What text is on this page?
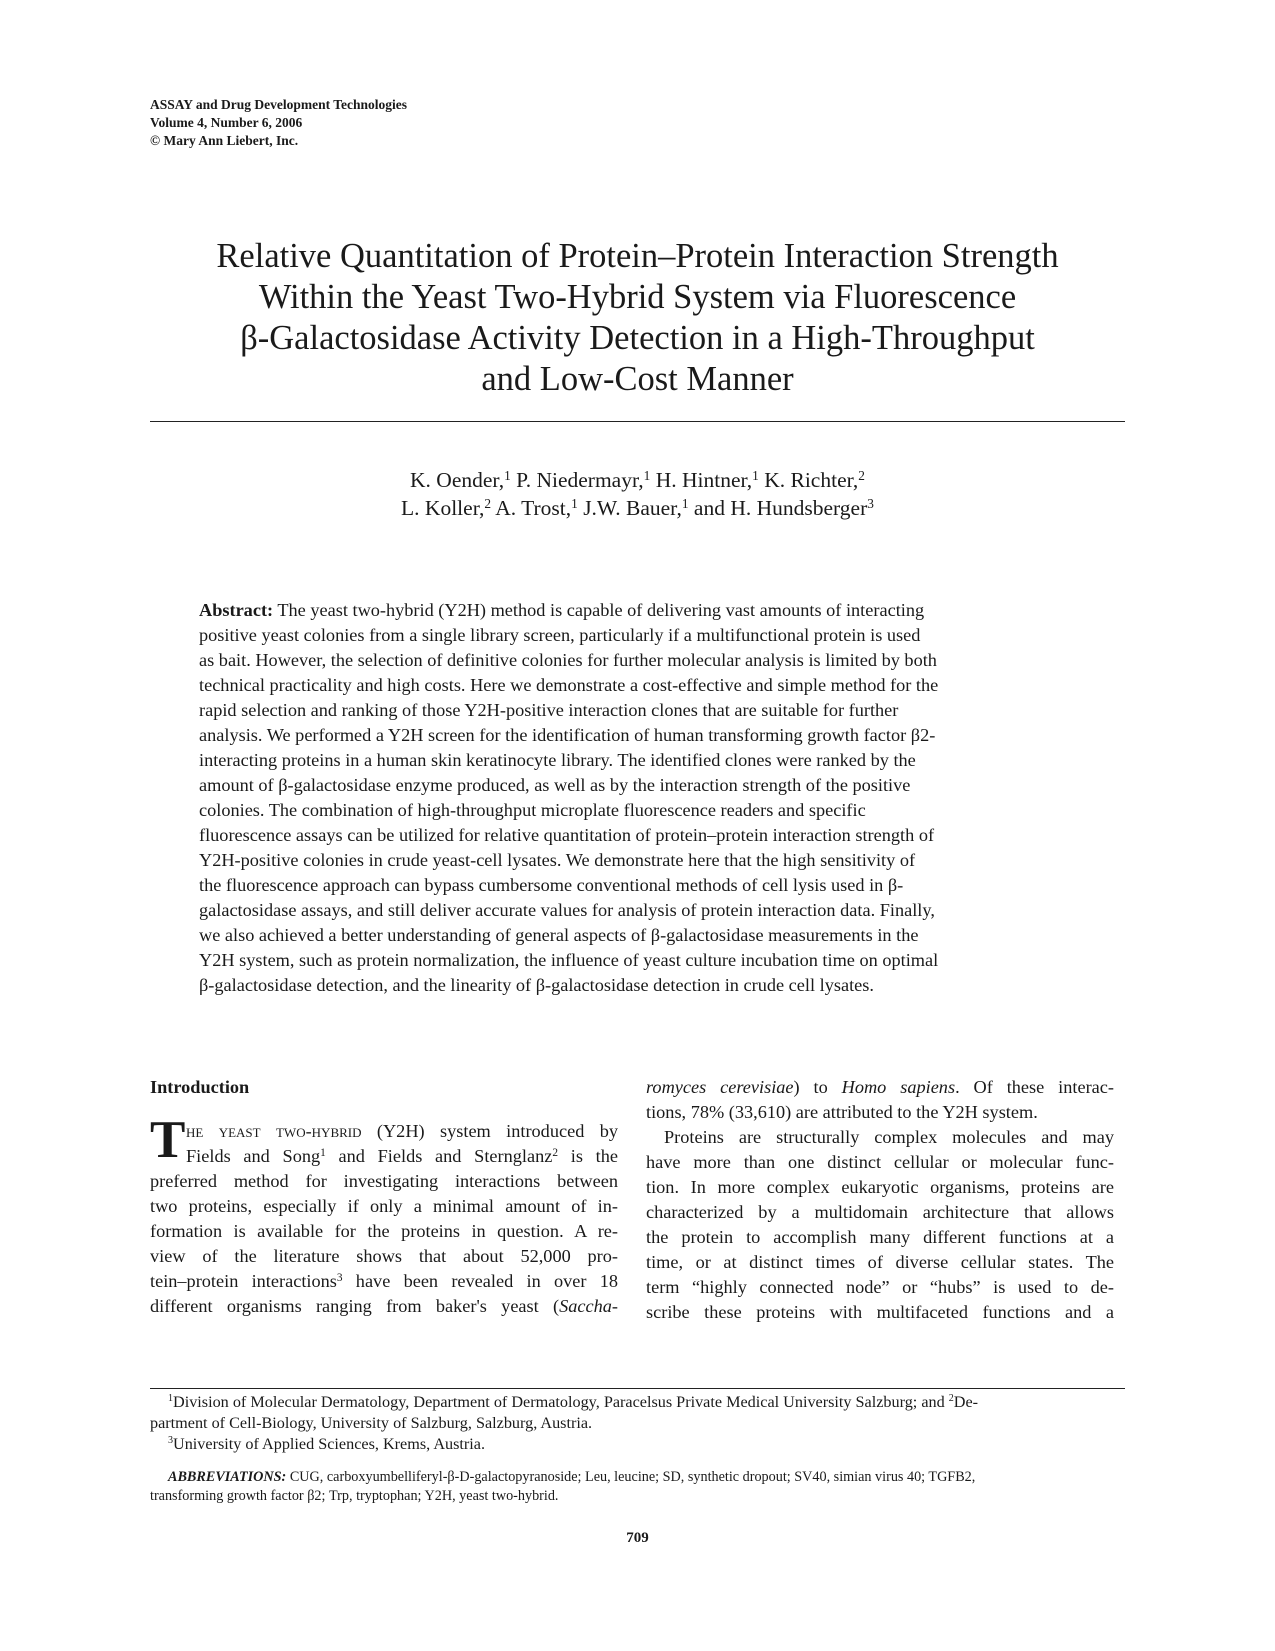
ASSAY and Drug Development Technologies
Volume 4, Number 6, 2006
© Mary Ann Liebert, Inc.
Relative Quantitation of Protein–Protein Interaction Strength
Within the Yeast Two-Hybrid System via Fluorescence
β-Galactosidase Activity Detection in a High-Throughput
and Low-Cost Manner
K. Oender,$^1$ P. Niedermayr,$^1$ H. Hintner,$^1$ K. Richter,$^2$
L. Koller,$^2$ A. Trost,$^1$ J.W. Bauer,$^1$ and H. Hundsberger$^3$
Abstract: The yeast two-hybrid (Y2H) method is capable of delivering vast amounts of interacting
positive yeast colonies from a single library screen, particularly if a multifunctional protein is used
as bait. However, the selection of definitive colonies for further molecular analysis is limited by both
technical practicality and high costs. Here we demonstrate a cost-effective and simple method for the
rapid selection and ranking of those Y2H-positive interaction clones that are suitable for further
analysis. We performed a Y2H screen for the identification of human transforming growth factor β2-
interacting proteins in a human skin keratinocyte library. The identified clones were ranked by the
amount of β-galactosidase enzyme produced, as well as by the interaction strength of the positive
colonies. The combination of high-throughput microplate fluorescence readers and specific
fluorescence assays can be utilized for relative quantitation of protein–protein interaction strength of
Y2H-positive colonies in crude yeast-cell lysates. We demonstrate here that the high sensitivity of
the fluorescence approach can bypass cumbersome conventional methods of cell lysis used in β-
galactosidase assays, and still deliver accurate values for analysis of protein interaction data. Finally,
we also achieved a better understanding of general aspects of β-galactosidase measurements in the
Y2H system, such as protein normalization, the influence of yeast culture incubation time on optimal
β-galactosidase detection, and the linearity of β-galactosidase detection in crude cell lysates.
Introduction
T he yeast two-hybrid (Y2H) system introduced by
Fields and Song$^1$ and Fields and Sternglanz$^2$ is the
preferred method for investigating interactions between
two proteins, especially if only a minimal amount of in-
formation is available for the proteins in question. A re-
view of the literature shows that about 52,000 pro-
tein–protein interactions$^3$ have been revealed in over 18
different organisms ranging from baker's yeast (Saccha-
romyces cerevisiae) to Homo sapiens. Of these interac-
tions, 78% (33,610) are attributed to the Y2H system.
Proteins are structurally complex molecules and may
have more than one distinct cellular or molecular func-
tion. In more complex eukaryotic organisms, proteins are
characterized by a multidomain architecture that allows
the protein to accomplish many different functions at a
time, or at distinct times of diverse cellular states. The
term “highly connected node” or “hubs” is used to de-
scribe these proteins with multifaceted functions and a
$^1$Division of Molecular Dermatology, Department of Dermatology, Paracelsus Private Medical University Salzburg; and $^2$De-
partment of Cell-Biology, University of Salzburg, Salzburg, Austria.
$^3$University of Applied Sciences, Krems, Austria.
ABBREVIATIONS: CUG, carboxyumbelliferyl-β-D-galactopyranoside; Leu, leucine; SD, synthetic dropout; SV40, simian virus 40; TGFB2,
transforming growth factor β2; Trp, tryptophan; Y2H, yeast two-hybrid.
709
